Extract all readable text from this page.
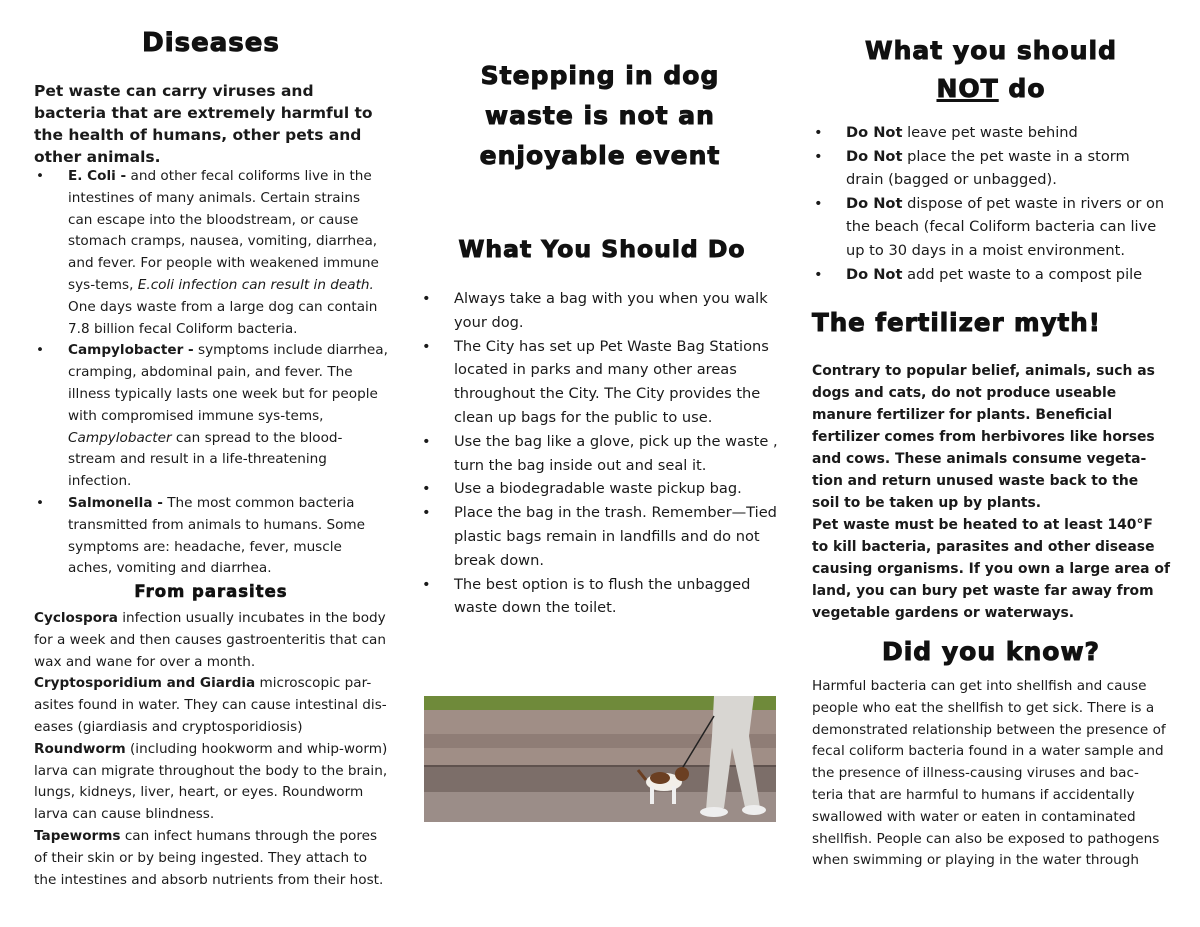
Diseases

Pet waste can carry viruses and bacteria that are extremely harmful to the health of humans, other pets and other animals.

• E. Coli - and other fecal coliforms live in the intestines of many animals. Certain strains can escape into the bloodstream, or cause stomach cramps, nausea, vomiting, diarrhea, and fever. For people with weakened immune sys-tems, E.coli infection can result in death. One days waste from a large dog can contain 7.8 billion fecal Coliform bacteria.
• Campylobacter - symptoms include diarrhea, cramping, abdominal pain, and fever. The illness typically lasts one week but for people with compromised immune sys-tems, Campylobacter can spread to the blood-stream and result in a life-threatening infection.
• Salmonella - The most common bacteria transmitted from animals to humans. Some symptoms are: headache, fever, muscle aches, vomiting and diarrhea.
From parasites
Cyclospora infection usually incubates in the body for a week and then causes gastroenteritis that can wax and wane for over a month.
Cryptosporidium and Giardia microscopic par-asites found in water. They can cause intestinal dis-eases (giardiasis and cryptosporidiosis)
Roundworm (including hookworm and whip-worm) larva can migrate throughout the body to the brain, lungs, kidneys, liver, heart, or eyes. Roundworm larva can cause blindness.
Tapeworms can infect humans through the pores of their skin or by being ingested. They attach to the intestines and absorb nutrients from their host.
Stepping in dog waste is not an enjoyable event
What You Should Do
• Always take a bag with you when you walk your dog.
• The City has set up Pet Waste Bag Stations located in parks and many other areas throughout the City. The City provides the clean up bags for the public to use.
• Use the bag like a glove, pick up the waste , turn the bag inside out and seal it.
• Use a biodegradable waste pickup bag.
• Place the bag in the trash. Remember—Tied plastic bags remain in landfills and do not break down.
• The best option is to flush the unbagged waste down the toilet.
What you should
NOT do
• Do Not leave pet waste behind
• Do Not place the pet waste in a storm drain (bagged or unbagged).
• Do Not dispose of pet waste in rivers or on the beach (fecal Coliform bacteria can live up to 30 days in a moist environment.
• Do Not add pet waste to a compost pile
The fertilizer myth!
Contrary to popular belief, animals, such as dogs and cats, do not produce useable manure fertilizer for plants. Beneficial fertilizer comes from herbivores like horses and cows. These animals consume vegeta-tion and return unused waste back to the soil to be taken up by plants.
Pet waste must be heated to at least 140°F to kill bacteria, parasites and other disease causing organisms. If you own a large area of land, you can bury pet waste far away from vegetable gardens or waterways.
Did you know?
Harmful bacteria can get into shellfish and cause people who eat the shellfish to get sick. There is a demonstrated relationship between the presence of fecal coliform bacteria found in a water sample and the presence of illness-causing viruses and bac-teria that are harmful to humans if accidentally swallowed with water or eaten in contaminated shellfish. People can also be exposed to pathogens when swimming or playing in the water through
